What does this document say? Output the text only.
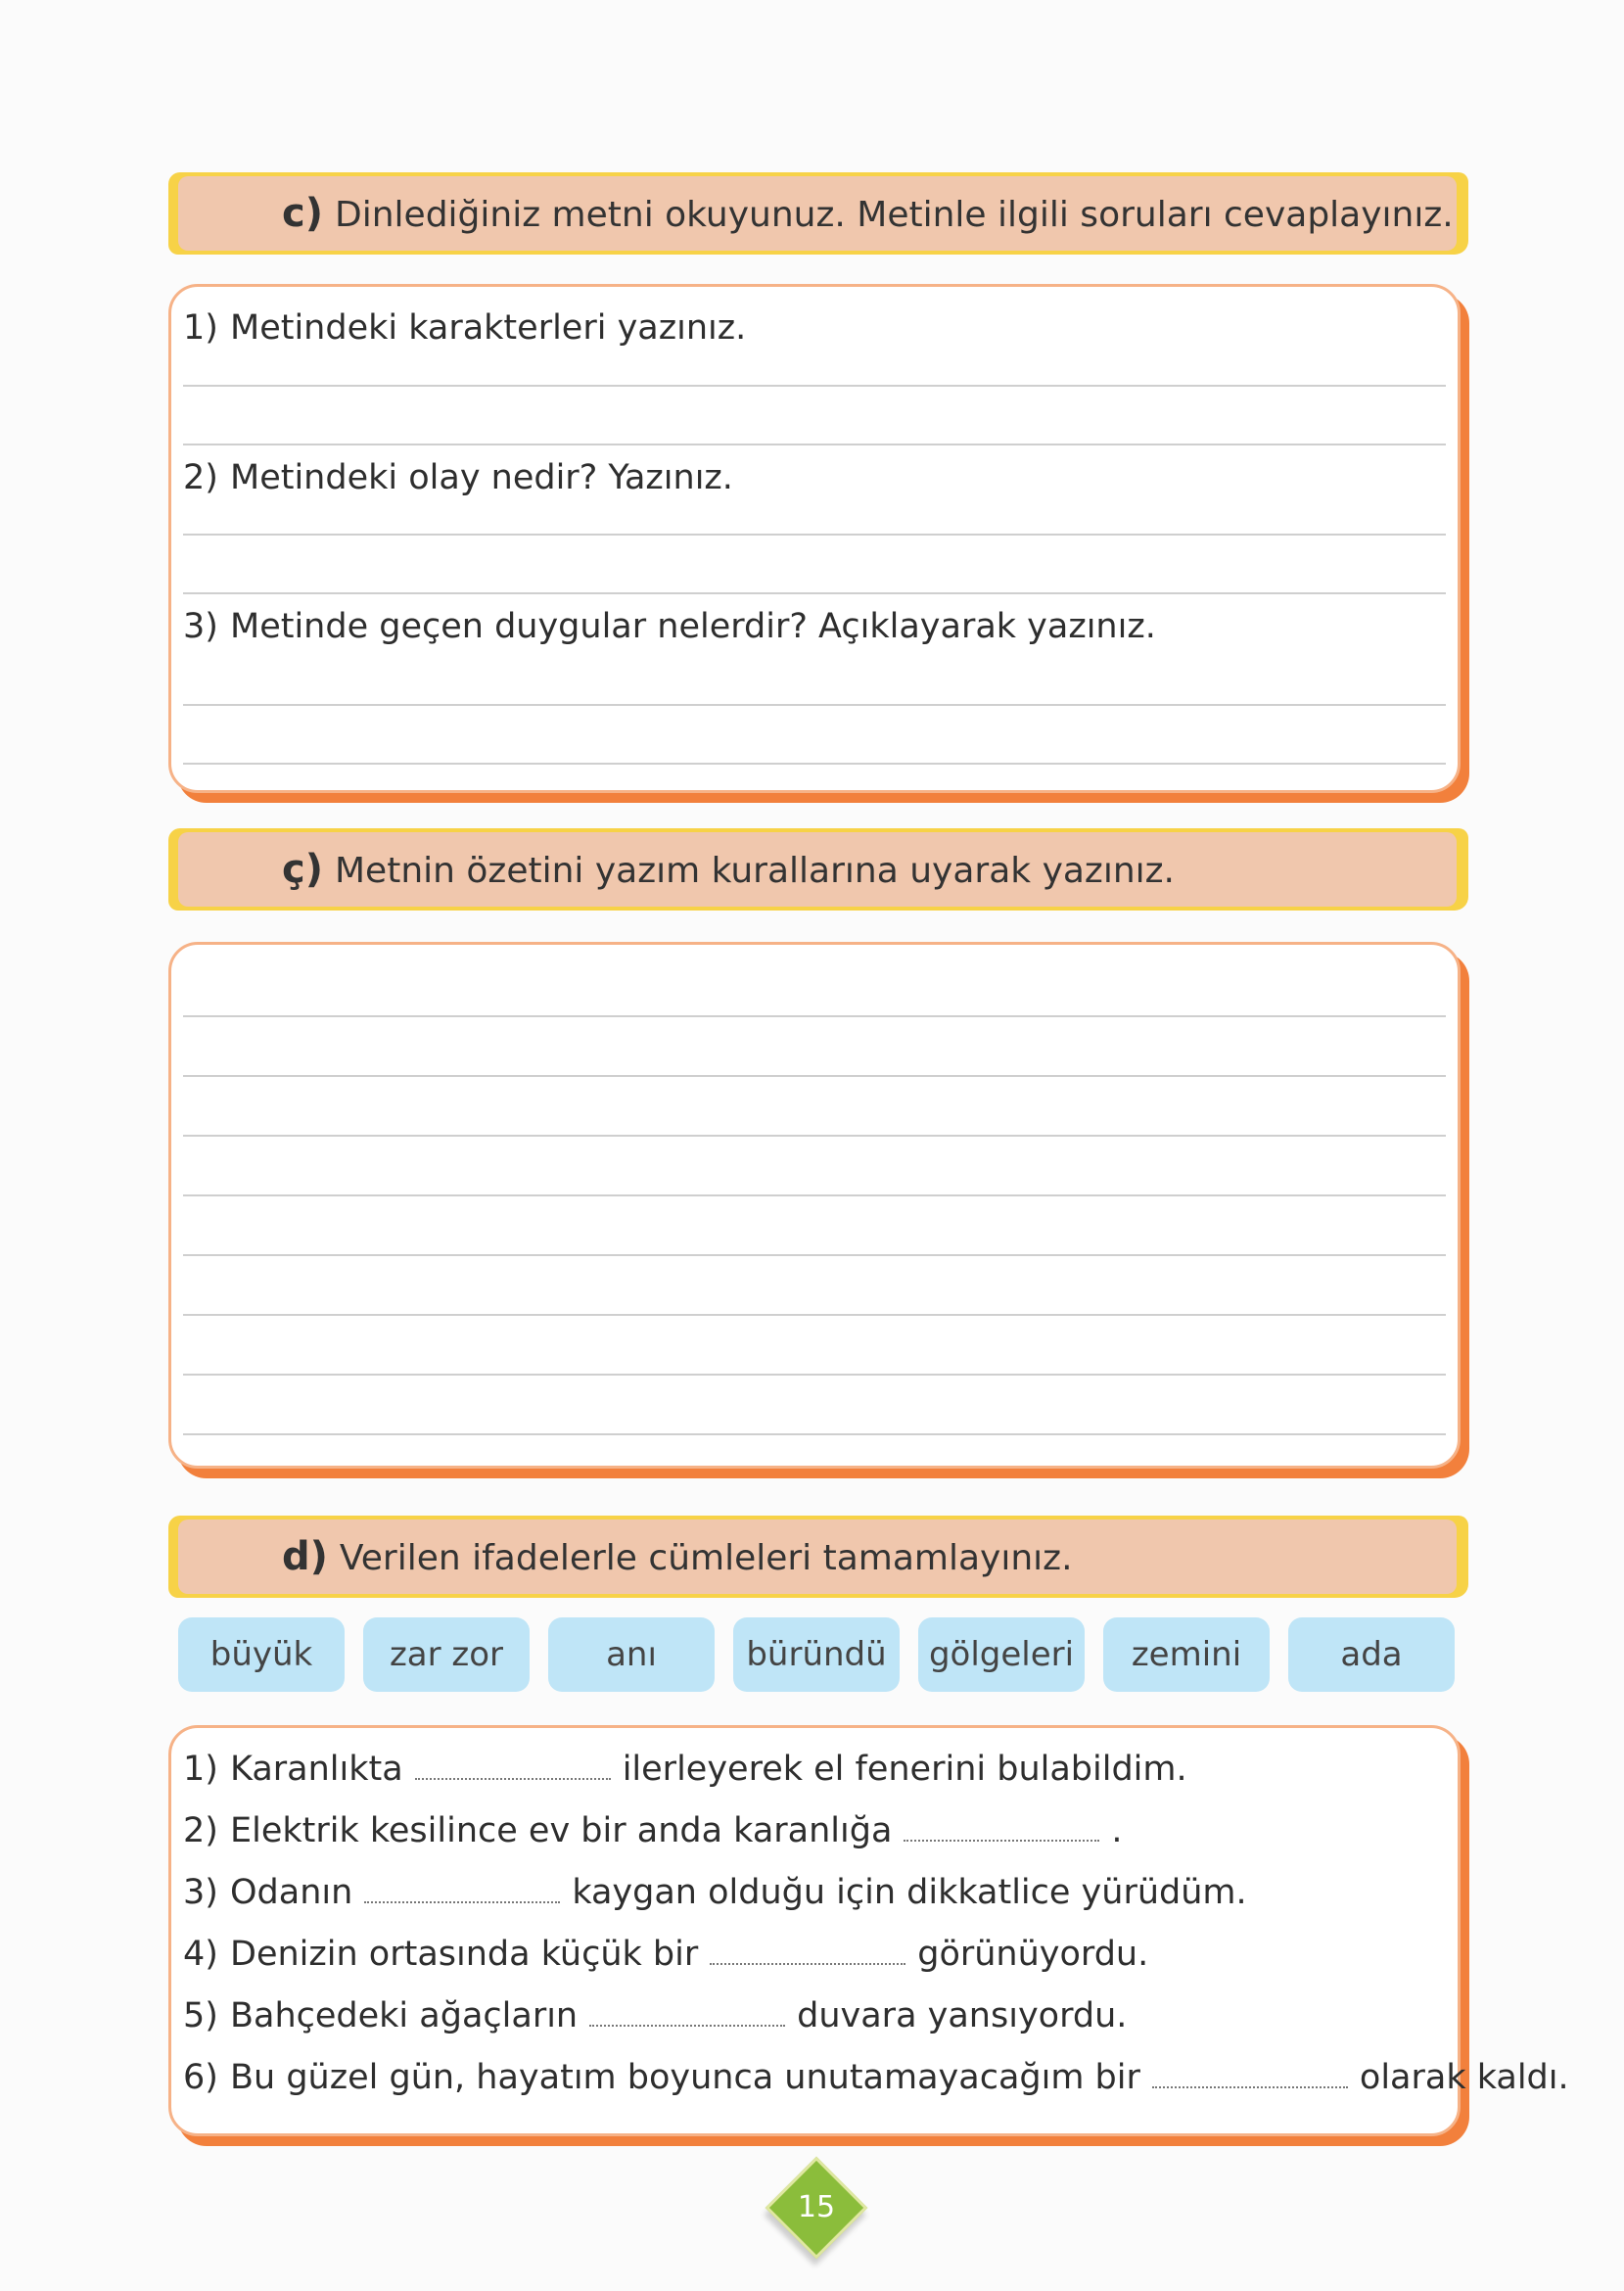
c) Dinlediğiniz metni okuyunuz. Metinle ilgili soruları cevaplayınız.
1) Metindeki karakterleri yazınız.
2) Metindeki olay nedir? Yazınız.
3) Metinde geçen duygular nelerdir? Açıklayarak yazınız.
ç) Metnin özetini yazım kurallarına uyarak yazınız.
d) Verilen ifadelerle cümleleri tamamlayınız.
büyük zar zor	anı	büründü gölgeleri zemini	ada
1) Karanlıkta	ilerleyerek el fenerini bulabildim.
2) Elektrik kesilince ev bir anda karanlığa	.
3) Odanın	kaygan olduğu için dikkatlice yürüdüm.
4) Denizin ortasında küçük bir	görünüyordu.
5) Bahçedeki ağaçların	duvara yansıyordu.
6) Bu güzel gün, hayatım boyunca unutamayacağım bir	olarak kaldı.
15
